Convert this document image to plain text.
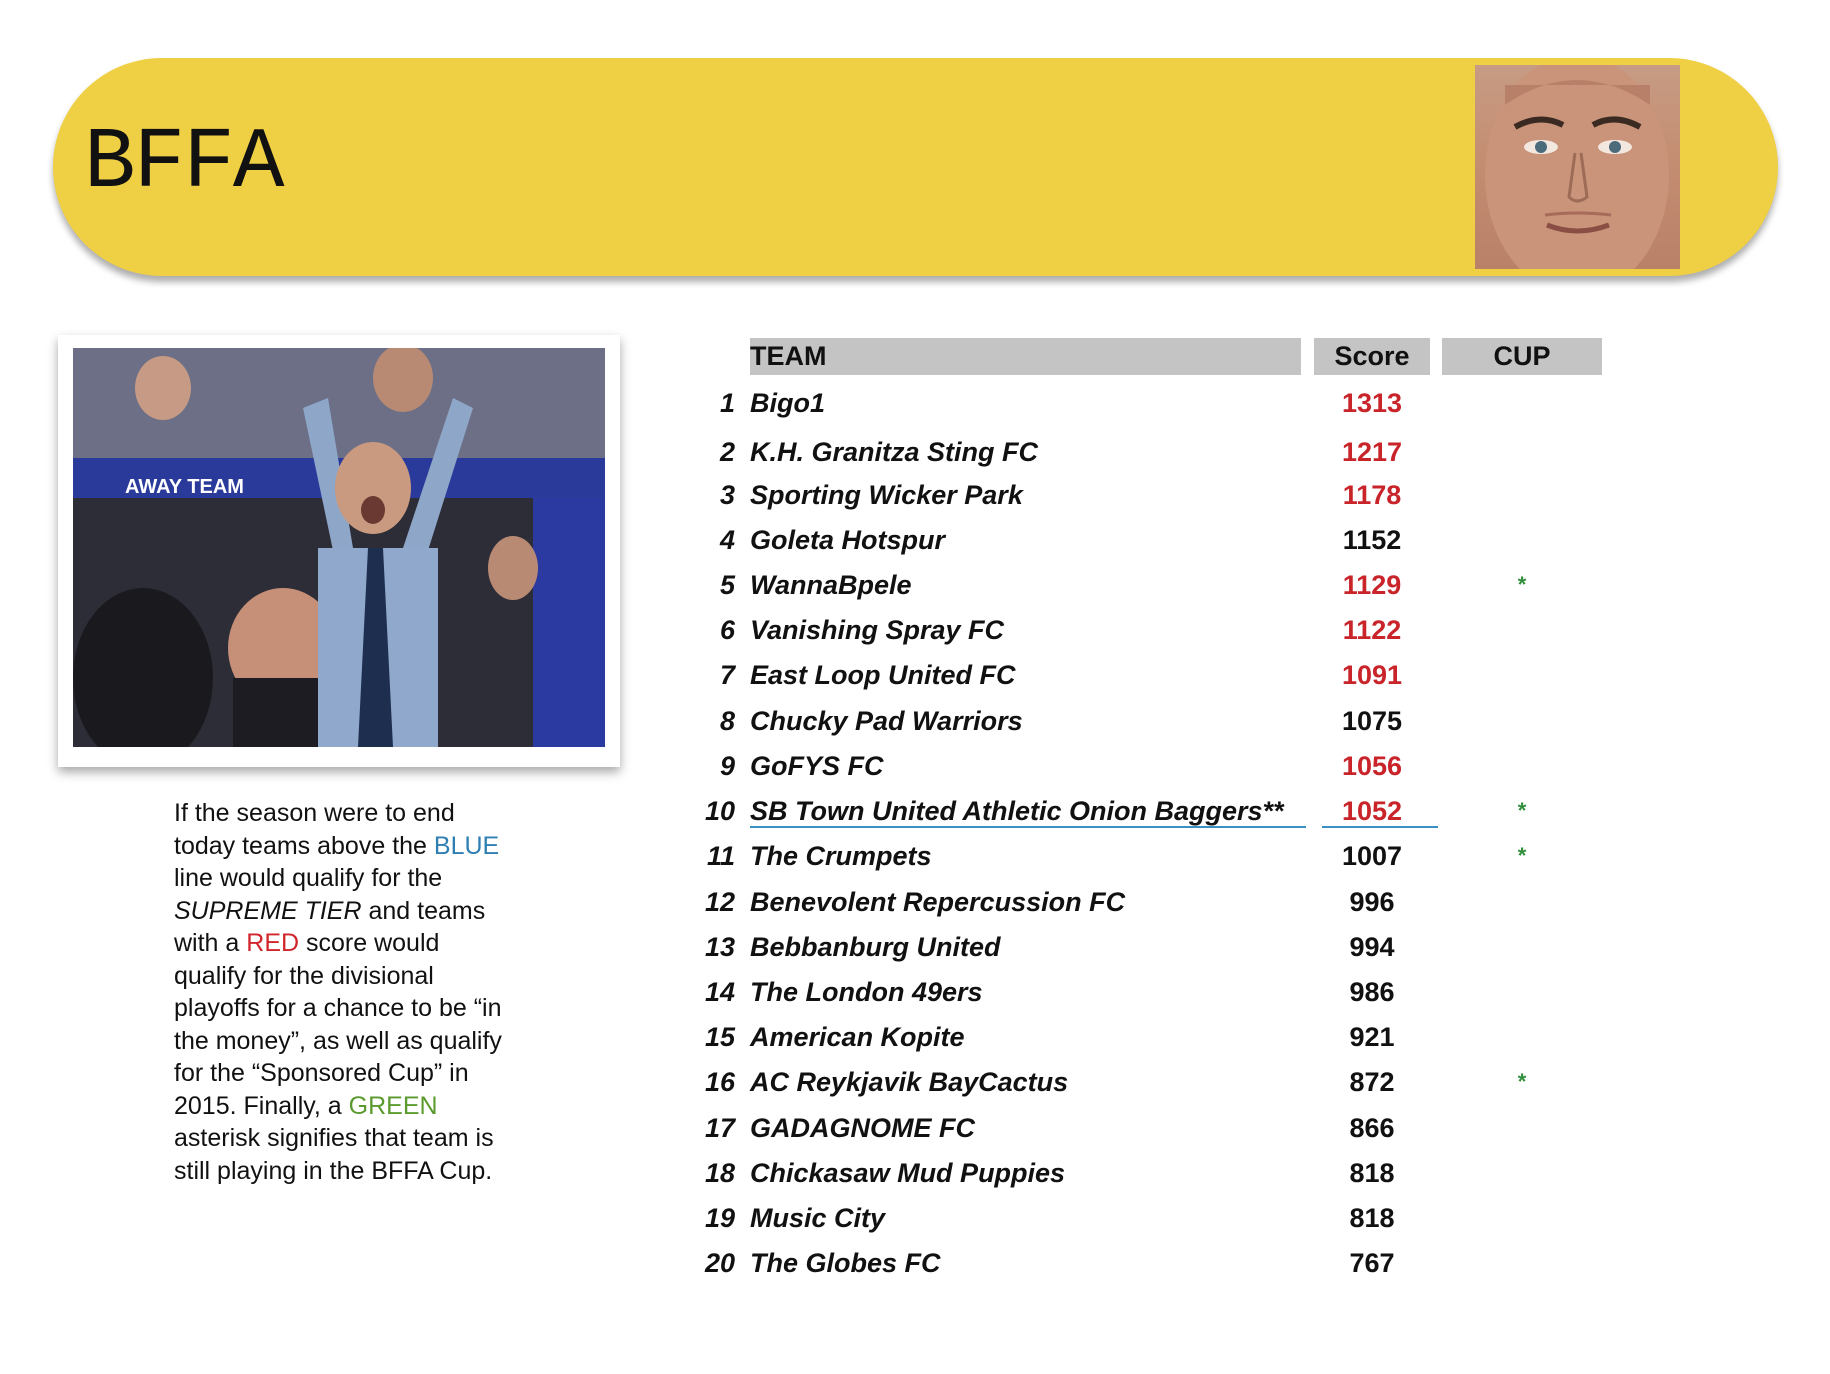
BFFA
AWAY TEAM
If the season were to end today teams above the BLUE line would qualify for the SUPREME TIER and teams with a RED score would qualify for the divisional playoffs for a chance to be “in the money”, as well as qualify for the “Sponsored Cup” in 2015. Finally, a GREEN asterisk signifies that team is still playing in the BFFA Cup.
TEAM	Score	CUP
1 Bigo1	1313
2 K.H. Granitza Sting FC	1217
3 Sporting Wicker Park	1178
4 Goleta Hotspur	1152
5 WannaBpele	1129	*
6 Vanishing Spray FC	1122
7 East Loop United FC	1091
8 Chucky Pad Warriors	1075
9 GoFYS FC	1056
10 SB Town United Athletic Onion Baggers**	1052	*
11 The Crumpets	1007	*
12 Benevolent Repercussion FC	996
13 Bebbanburg United	994
14 The London 49ers	986
15 American Kopite	921
16 AC Reykjavik BayCactus	872	*
17 GADAGNOME FC	866
18 Chickasaw Mud Puppies	818
19 Music City	818
20 The Globes FC	767
